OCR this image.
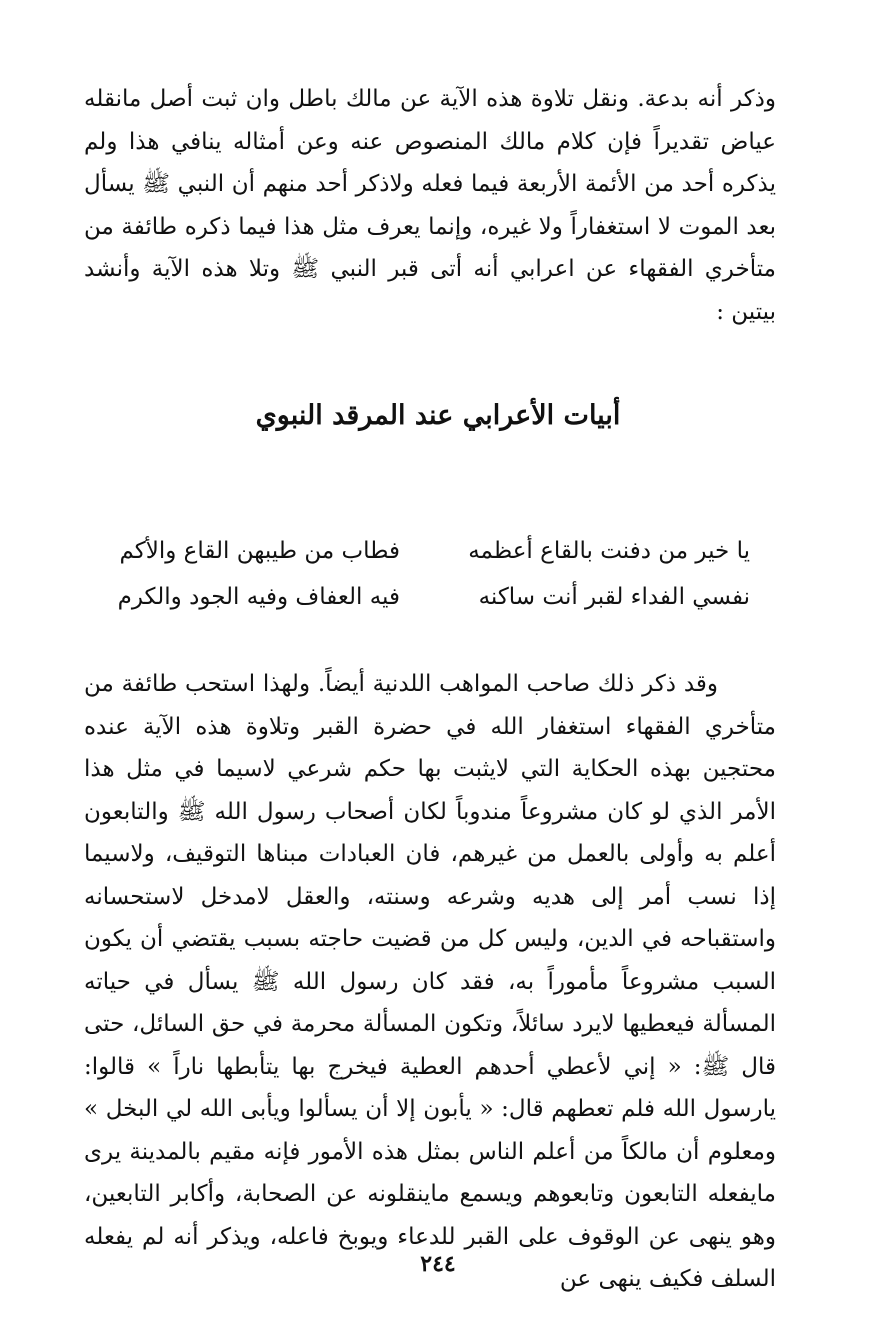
وذكر أنه بدعة. ونقل تلاوة هذه الآية عن مالك باطل وان ثبت أصل مانقله عياض تقديراً فإن كلام مالك المنصوص عنه وعن أمثاله ينافي هذا ولم يذكره أحد من الأئمة الأربعة فيما فعله ولاذكر أحد منهم أن النبي ﷺ يسأل بعد الموت لا استغفاراً ولا غيره، وإنما يعرف مثل هذا فيما ذكره طائفة من متأخري الفقهاء عن اعرابي أنه أتى قبر النبي ﷺ وتلا هذه الآية وأنشد بيتين :

أبيات الأعرابي عند المرقد النبوي
يا خير من دفنت بالقاع أعظمه
فطاب من طيبهن القاع والأكم
نفسي الفداء لقبر أنت ساكنه
فيه العفاف وفيه الجود والكرم

وقد ذكر ذلك صاحب المواهب اللدنية أيضاً. ولهذا استحب طائفة من متأخري الفقهاء استغفار الله في حضرة القبر وتلاوة هذه الآية عنده محتجين بهذه الحكاية التي لايثبت بها حكم شرعي لاسيما في مثل هذا الأمر الذي لو كان مشروعاً مندوباً لكان أصحاب رسول الله ﷺ والتابعون أعلم به وأولى بالعمل من غيرهم، فان العبادات مبناها التوقيف، ولاسيما إذا نسب أمر إلى هديه وشرعه وسنته، والعقل لامدخل لاستحسانه واستقباحه في الدين، وليس كل من قضيت حاجته بسبب يقتضي أن يكون السبب مشروعاً مأموراً به، فقد كان رسول الله ﷺ يسأل في حياته المسألة فيعطيها لايرد سائلاً، وتكون المسألة محرمة في حق السائل، حتى قال ﷺ: « إني لأعطي أحدهم العطية فيخرج بها يتأبطها ناراً » قالوا: يارسول الله فلم تعطهم قال: « يأبون إلا أن يسألوا ويأبى الله لي البخل » ومعلوم أن مالكاً من أعلم الناس بمثل هذه الأمور فإنه مقيم بالمدينة يرى مايفعله التابعون وتابعوهم ويسمع ماينقلونه عن الصحابة، وأكابر التابعين، وهو ينهى عن الوقوف على القبر للدعاء ويوبخ فاعله، ويذكر أنه لم يفعله السلف فكيف ينهى عن

٢٤٤
